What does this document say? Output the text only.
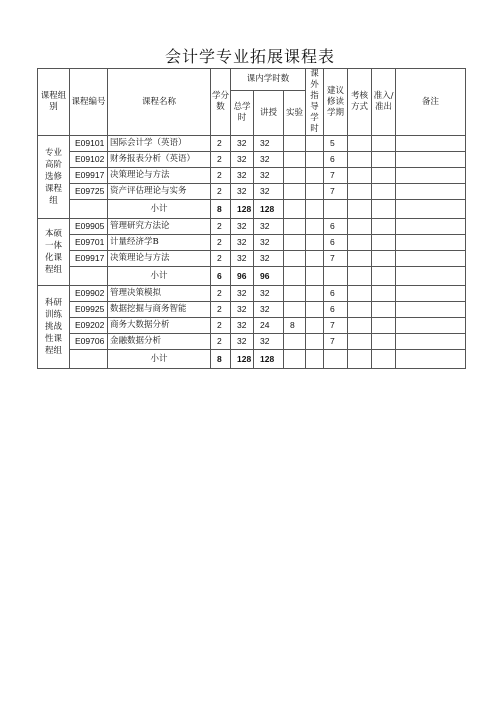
会计学专业拓展课程表
课程组别	课程编号	课程名称	学分数	课内学时数			课外指导学时	建议修读学期	考核方式	准入/准出	备注
				总学时	讲授	实验					
专业高阶选修课程组	E09101	国际会计学（英语）	2	32	32			5			
	E09102	财务报表分析（英语）	2	32	32			6			
	E09917	决策理论与方法	2	32	32			7			
	E09725	资产评估理论与实务	2	32	32			7			
		小计	8	128	128						
本硕一体化课程组	E09905	管理研究方法论	2	32	32			6			
	E09701	计量经济学B	2	32	32			6			
	E09917	决策理论与方法	2	32	32			7			
		小计	6	96	96						
科研训练挑战性课程组	E09902	管理决策模拟	2	32	32			6			
	E09925	数据挖掘与商务智能	2	32	32			6			
	E09202	商务大数据分析	2	32	24	8		7			
	E09706	金融数据分析	2	32	32			7			
		小计	8	128	128						
